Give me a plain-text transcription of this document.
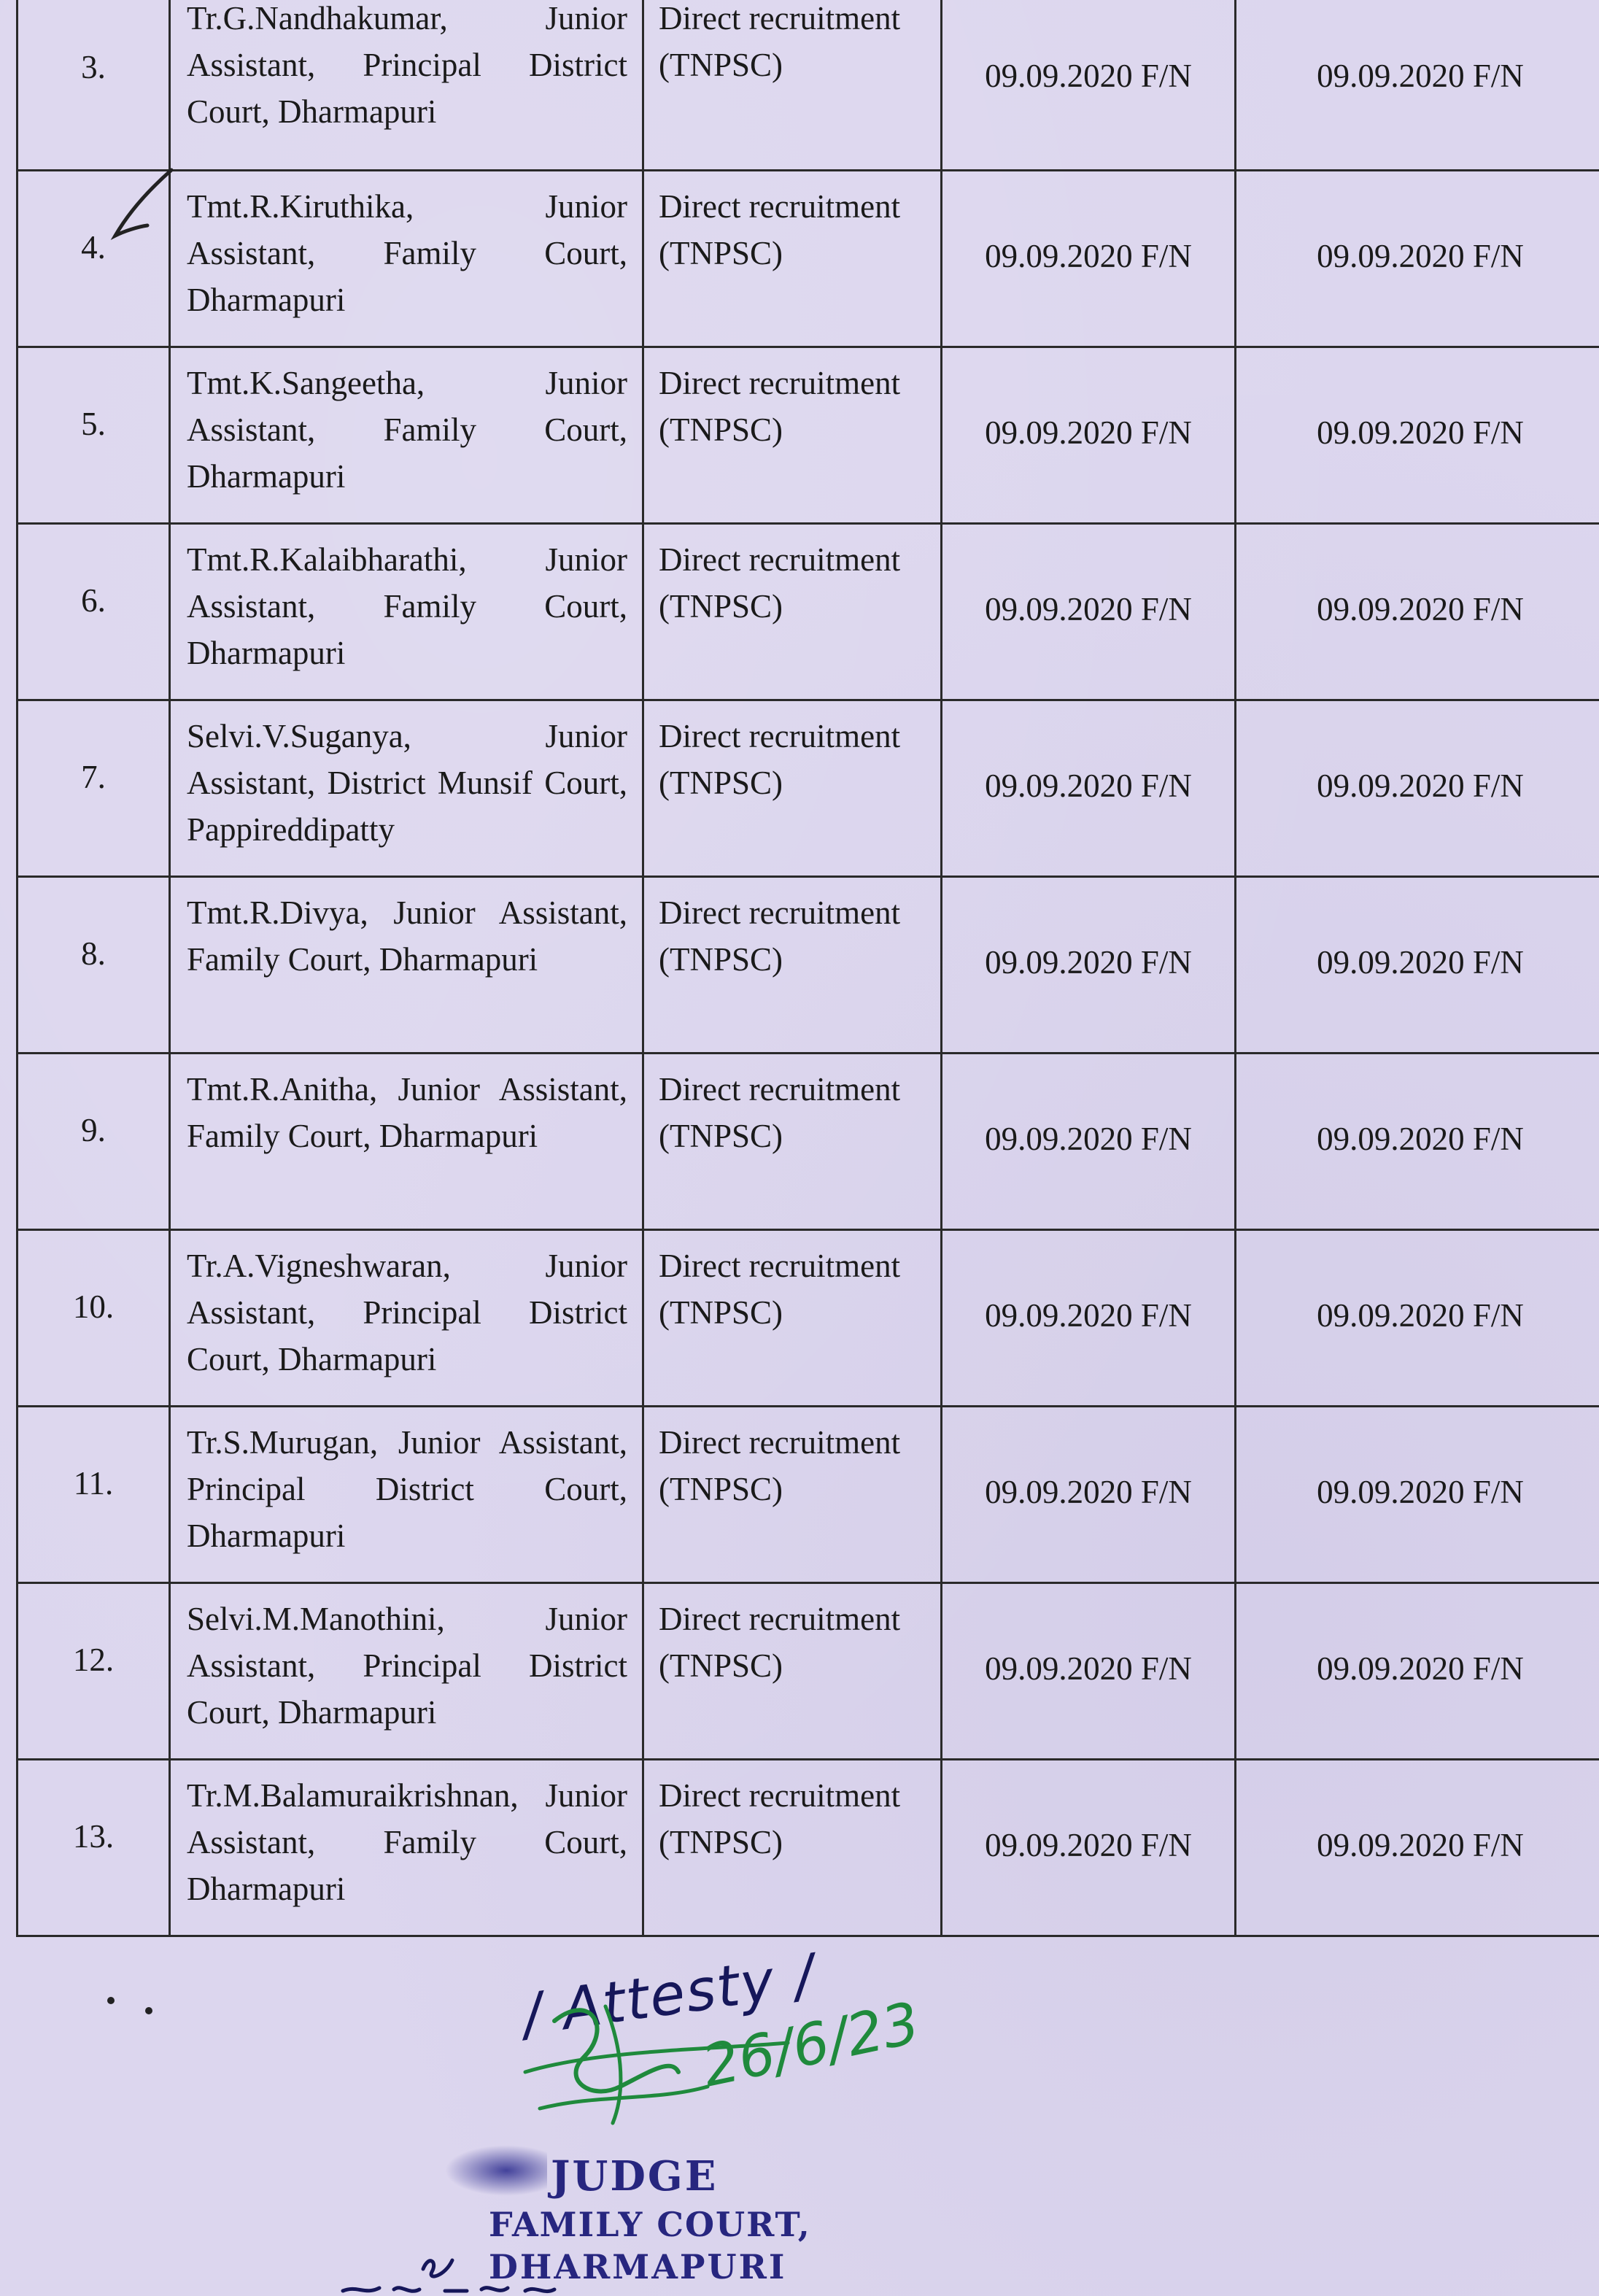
3.	Tr.G.Nandhakumar, Junior Assistant, Principal District Court, Dharmapuri	Direct recruitment (TNPSC)	09.09.2020 F/N	09.09.2020 F/N
4.	Tmt.R.Kiruthika, Junior Assistant, Family Court, Dharmapuri	Direct recruitment (TNPSC)	09.09.2020 F/N	09.09.2020 F/N
5.	Tmt.K.Sangeetha, Junior Assistant, Family Court, Dharmapuri	Direct recruitment (TNPSC)	09.09.2020 F/N	09.09.2020 F/N
6.	Tmt.R.Kalaibharathi, Junior Assistant, Family Court, Dharmapuri	Direct recruitment (TNPSC)	09.09.2020 F/N	09.09.2020 F/N
7.	Selvi.V.Suganya, Junior Assistant, District Munsif Court, Pappireddipatty	Direct recruitment (TNPSC)	09.09.2020 F/N	09.09.2020 F/N
8.	Tmt.R.Divya, Junior Assistant, Family Court, Dharmapuri	Direct recruitment (TNPSC)	09.09.2020 F/N	09.09.2020 F/N
9.	Tmt.R.Anitha, Junior Assistant, Family Court, Dharmapuri	Direct recruitment (TNPSC)	09.09.2020 F/N	09.09.2020 F/N
10.	Tr.A.Vigneshwaran, Junior Assistant, Principal District Court, Dharmapuri	Direct recruitment (TNPSC)	09.09.2020 F/N	09.09.2020 F/N
11.	Tr.S.Murugan, Junior Assistant, Principal District Court, Dharmapuri	Direct recruitment (TNPSC)	09.09.2020 F/N	09.09.2020 F/N
12.	Selvi.M.Manothini, Junior Assistant, Principal District Court, Dharmapuri	Direct recruitment (TNPSC)	09.09.2020 F/N	09.09.2020 F/N
13.	Tr.M.Balamuraikrishnan, Junior Assistant, Family Court, Dharmapuri	Direct recruitment (TNPSC)	09.09.2020 F/N	09.09.2020 F/N
/ Attesty /
26/6/23
JUDGE
FAMILY COURT,
DHARMAPURI
